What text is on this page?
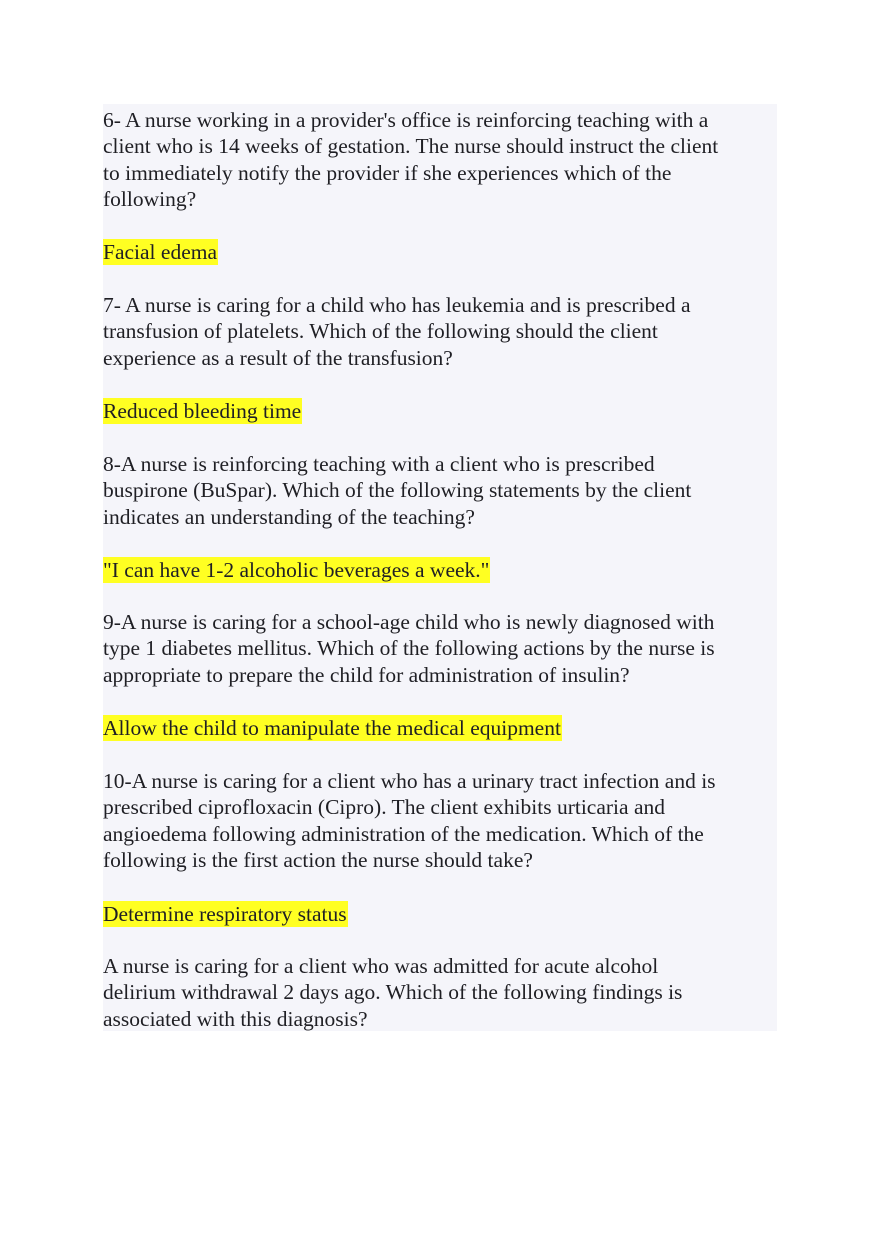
6- A nurse working in a provider's office is reinforcing teaching with a
client who is 14 weeks of gestation. The nurse should instruct the client
to immediately notify the provider if she experiences which of the
following?
Facial edema
7- A nurse is caring for a child who has leukemia and is prescribed a
transfusion of platelets. Which of the following should the client
experience as a result of the transfusion?
Reduced bleeding time
8-A nurse is reinforcing teaching with a client who is prescribed
buspirone (BuSpar). Which of the following statements by the client
indicates an understanding of the teaching?
"I can have 1-2 alcoholic beverages a week."
9-A nurse is caring for a school-age child who is newly diagnosed with
type 1 diabetes mellitus. Which of the following actions by the nurse is
appropriate to prepare the child for administration of insulin?
Allow the child to manipulate the medical equipment
10-A nurse is caring for a client who has a urinary tract infection and is
prescribed ciprofloxacin (Cipro). The client exhibits urticaria and
angioedema following administration of the medication. Which of the
following is the first action the nurse should take?
Determine respiratory status
A nurse is caring for a client who was admitted for acute alcohol
delirium withdrawal 2 days ago. Which of the following findings is
associated with this diagnosis?
